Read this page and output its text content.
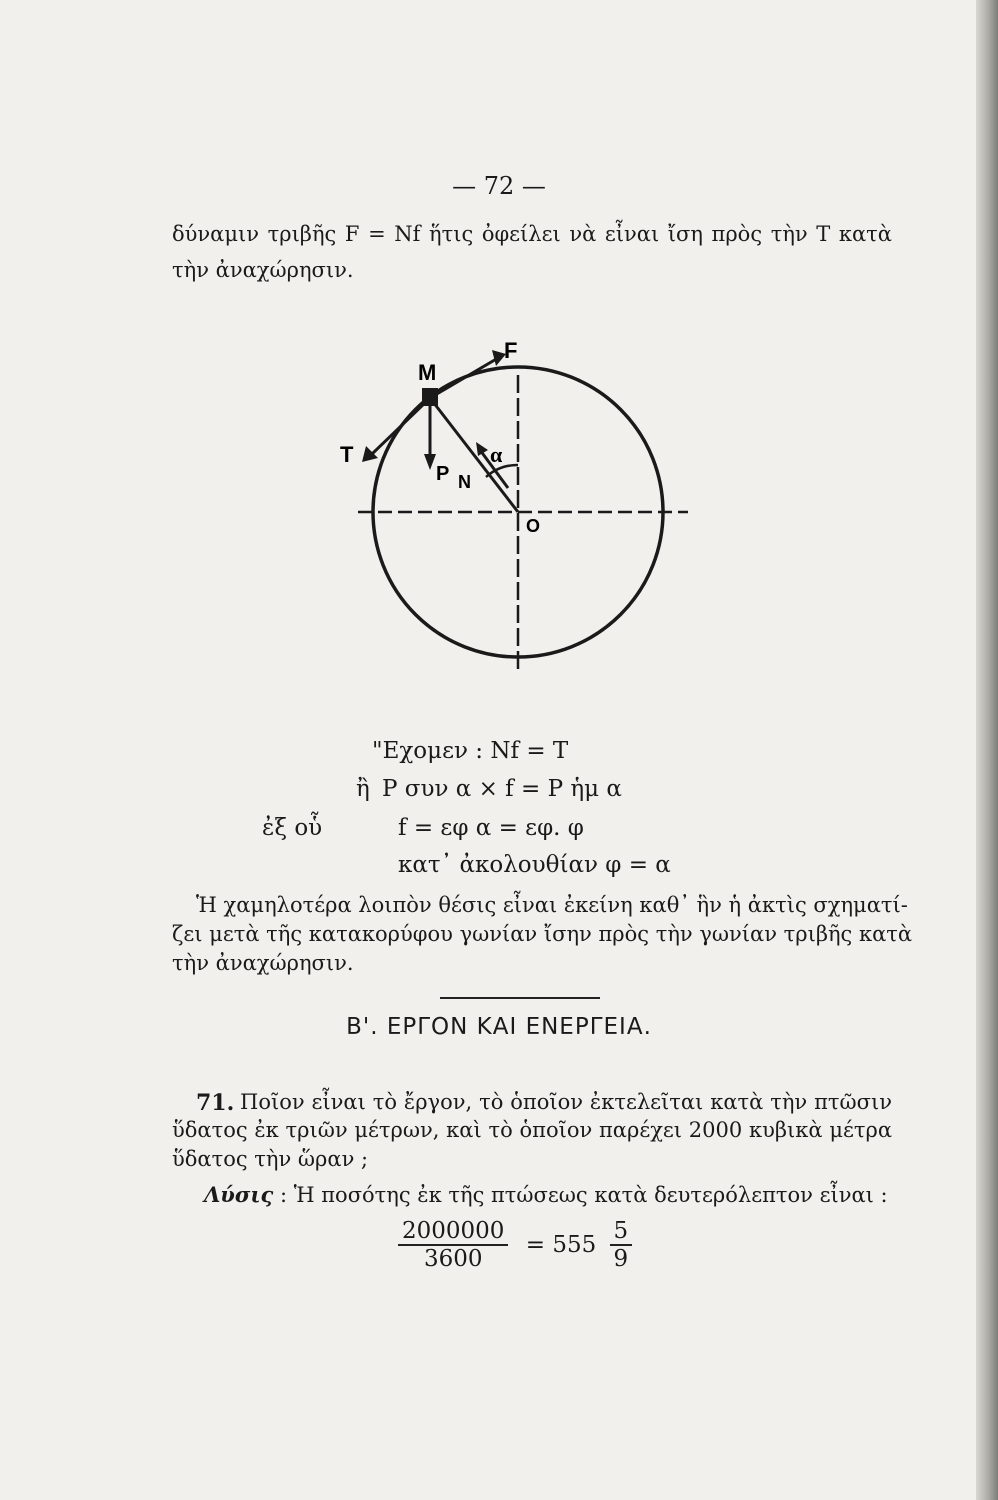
— 72 —
δύναμιν τριβῆς F = Nf ἥτις ὀφείλει νὰ εἶναι ἴση πρὸς τὴν T κατὰ
τὴν ἀναχώρησιν.
M
F
T
P N
α
O
"Εχομεν : Nf = T
ἢ P συν α × f = P ἡμ α
ἐξ οὗ	f = εφ α = εφ. φ
κατ᾽ ἀκολουθίαν φ = α
Ἡ χαμηλοτέρα λοιπὸν θέσις εἶναι ἐκείνη καθ᾽ ἣν ἡ ἀκτὶς σχηματί-
ζει μετὰ τῆς κατακορύφου γωνίαν ἴσην πρὸς τὴν γωνίαν τριβῆς κατὰ
τὴν ἀναχώρησιν.
Β'. ΕΡΓΟΝ ΚΑΙ ΕΝΕΡΓΕΙΑ.
71. Ποῖον εἶναι τὸ ἔργον, τὸ ὁποῖον ἐκτελεῖται κατὰ τὴν πτῶσιν
ὕδατος ἐκ τριῶν μέτρων, καὶ τὸ ὁποῖον παρέχει 2000 κυβικὰ μέτρα
ὕδατος τὴν ὥραν ;
Λύσις : Ἡ ποσότης ἐκ τῆς πτώσεως κατὰ δευτερόλεπτον εἶναι :
$\frac{2000000}{3600} = 555 \frac{5}{9}$
